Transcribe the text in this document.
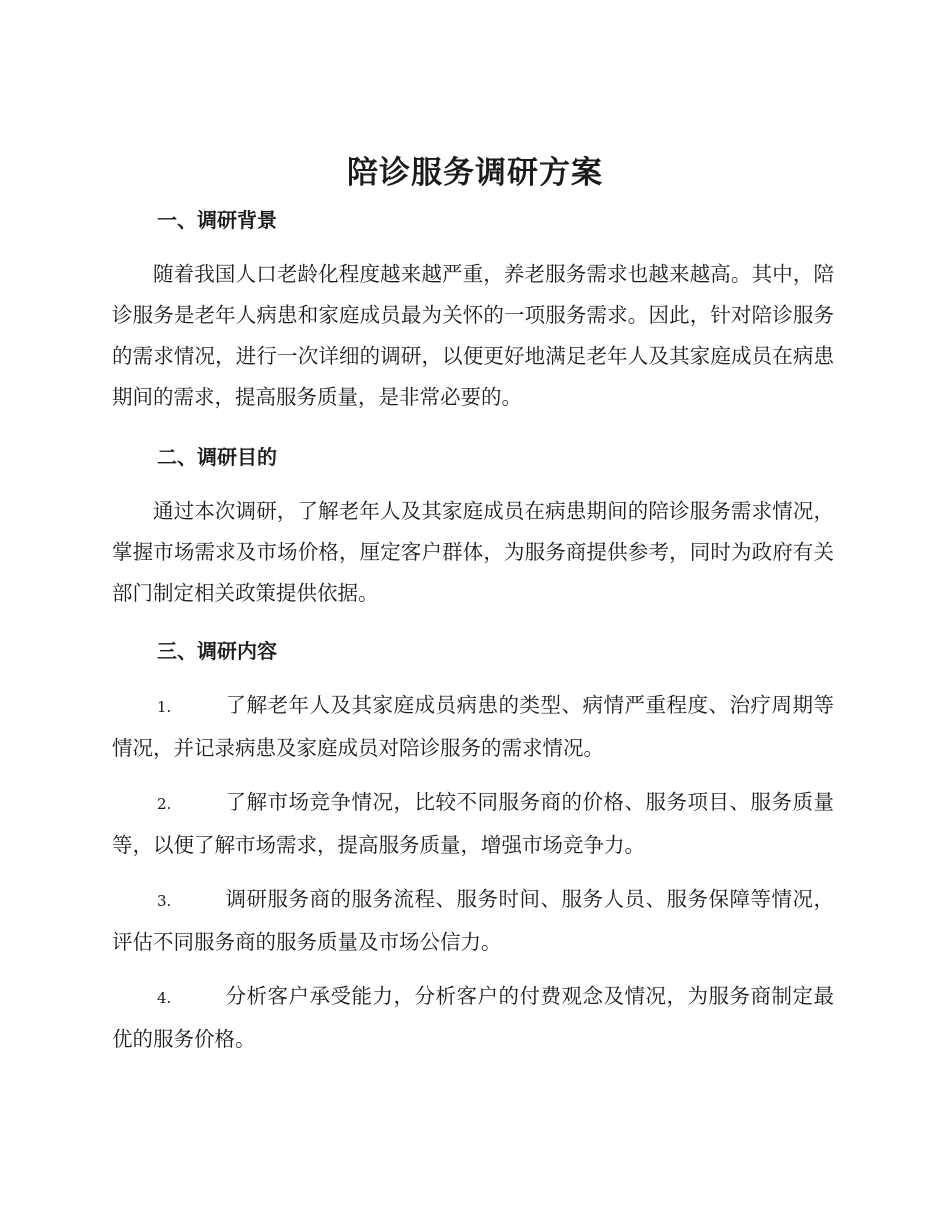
陪诊服务调研方案
一、调研背景
随着我国人口老龄化程度越来越严重，养老服务需求也越来越高。其中，陪诊服务是老年人病患和家庭成员最为关怀的一项服务需求。因此，针对陪诊服务的需求情况，进行一次详细的调研，以便更好地满足老年人及其家庭成员在病患期间的需求，提高服务质量，是非常必要的。
二、调研目的
通过本次调研，了解老年人及其家庭成员在病患期间的陪诊服务需求情况，掌握市场需求及市场价格，厘定客户群体，为服务商提供参考，同时为政府有关部门制定相关政策提供依据。
三、调研内容
1.	了解老年人及其家庭成员病患的类型、病情严重程度、治疗周期等情况，并记录病患及家庭成员对陪诊服务的需求情况。
2.	了解市场竞争情况，比较不同服务商的价格、服务项目、服务质量等，以便了解市场需求，提高服务质量，增强市场竞争力。
3.	调研服务商的服务流程、服务时间、服务人员、服务保障等情况，评估不同服务商的服务质量及市场公信力。
4.	分析客户承受能力，分析客户的付费观念及情况，为服务商制定最优的服务价格。
